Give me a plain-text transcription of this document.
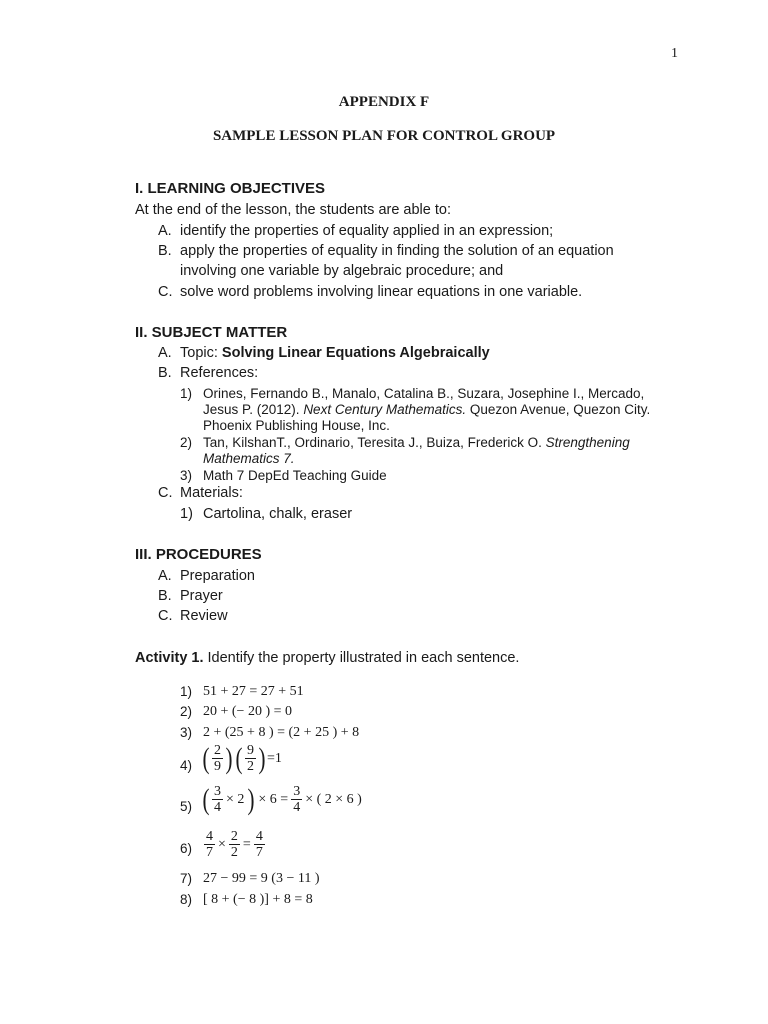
1
APPENDIX F
SAMPLE LESSON PLAN FOR CONTROL GROUP
I. LEARNING OBJECTIVES
At the end of the lesson, the students are able to:
A. identify the properties of equality applied in an expression;
B. apply the properties of equality in finding the solution of an equation
involving one variable by algebraic procedure; and
C. solve word problems involving linear equations in one variable.
II. SUBJECT MATTER
A. Topic: Solving Linear Equations Algebraically
B. References:
1) Orines, Fernando B., Manalo, Catalina B., Suzara, Josephine I., Mercado,
Jesus P. (2012). Next Century Mathematics. Quezon Avenue, Quezon City.
Phoenix Publishing House, Inc.
2) Tan, KilshanT., Ordinario, Teresita J., Buiza, Frederick O. Strengthening
Mathematics 7.
3) Math 7 DepEd Teaching Guide
C. Materials:
1) Cartolina, chalk, eraser
III. PROCEDURES
A. Preparation
B. Prayer
C. Review
Activity 1. Identify the property illustrated in each sentence.
1)
2)
3)
4)
5)
6)
7)
8)
51 + 27 = 27 + 51
20 + (− 20 ) = 0
2 + (25 + 8 ) = (2 + 25 ) + 8
( $\frac{2}{9}$ ) ( $\frac{9}{2}$ ) =1
( $\frac{3}{4} \times 2$ ) × $6 = \frac{3}{4}$ × ( 2 × 6 )
$\frac{4}{7} \times \frac{2}{2} = \frac{4}{7}$
27 − 99 = 9 (3 − 11 )
[ 8 + (− 8 )] + 8 = 8
